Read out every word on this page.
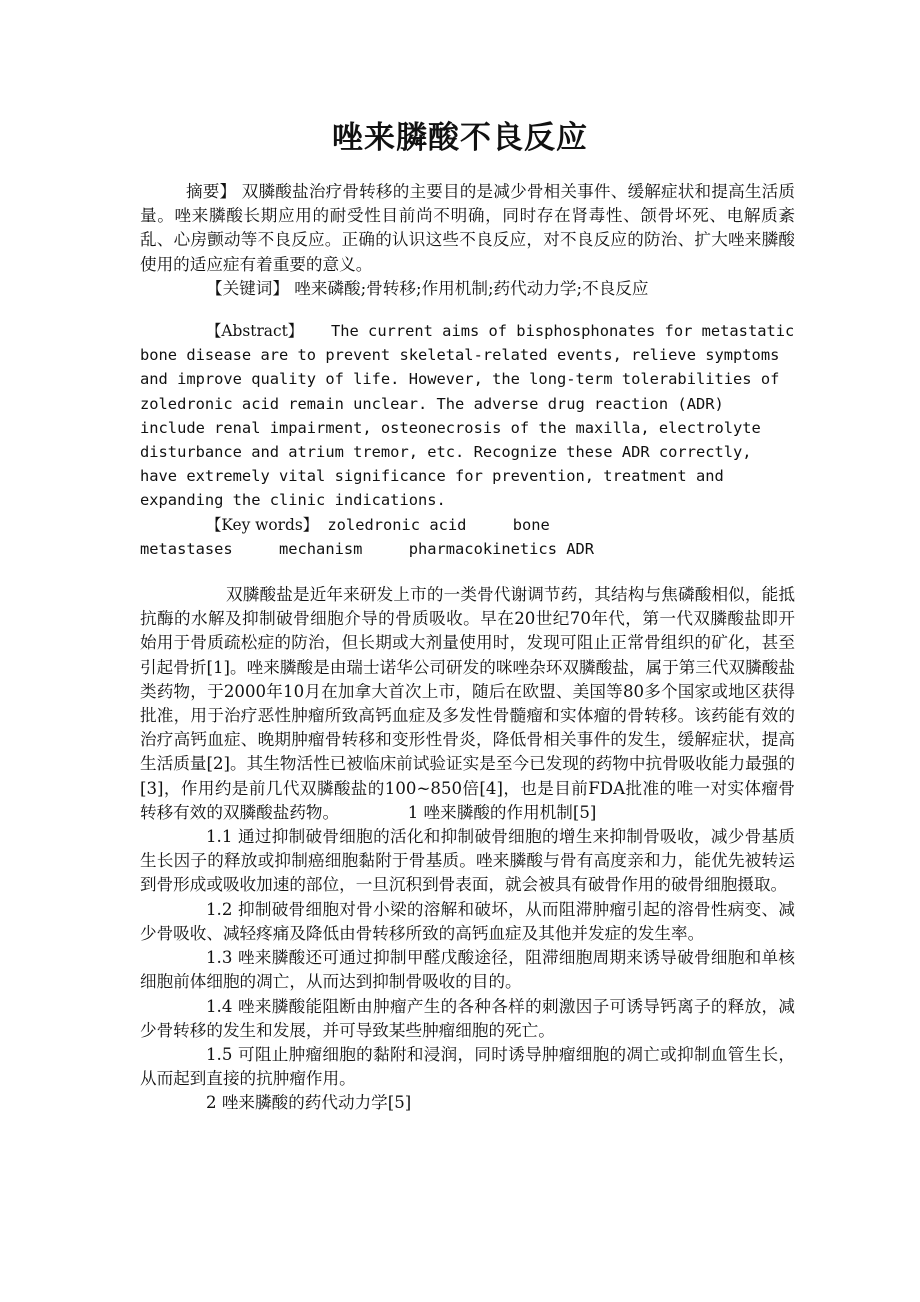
唑来膦酸不良反应

摘要】 双膦酸盐治疗骨转移的主要目的是减少骨相关事件、缓解症状和提高生活质量。唑来膦酸长期应用的耐受性目前尚不明确，同时存在肾毒性、颌骨坏死、电解质紊乱、心房颤动等不良反应。正确的认识这些不良反应，对不良反应的防治、扩大唑来膦酸使用的适应症有着重要的意义。

【关键词】 唑来磷酸;骨转移;作用机制;药代动力学;不良反应

【Abstract】 The current aims of bisphosphonates for metastatic bone disease are to prevent skeletal-related events, relieve symptoms and improve quality of life. However, the long-term tolerabilities of zoledronic acid remain unclear. The adverse drug reaction (ADR) include renal impairment, osteonecrosis of the maxilla, electrolyte disturbance and atrium tremor, etc. Recognize these ADR correctly, have extremely vital significance for prevention, treatment and expanding the clinic indications.

【Key words】 zoledronic acid     bone

metastases     mechanism     pharmacokinetics ADR

双膦酸盐是近年来研发上市的一类骨代谢调节药，其结构与焦磷酸相似，能抵抗酶的水解及抑制破骨细胞介导的骨质吸收。早在20世纪70年代，第一代双膦酸盐即开始用于骨质疏松症的防治，但长期或大剂量使用时，发现可阻止正常骨组织的矿化，甚至引起骨折[1]。唑来膦酸是由瑞士诺华公司研发的咪唑杂环双膦酸盐，属于第三代双膦酸盐类药物，于2000年10月在加拿大首次上市，随后在欧盟、美国等80多个国家或地区获得批准，用于治疗恶性肿瘤所致高钙血症及多发性骨髓瘤和实体瘤的骨转移。该药能有效的治疗高钙血症、晚期肿瘤骨转移和变形性骨炎，降低骨相关事件的发生，缓解症状，提高生活质量[2]。其生物活性已被临床前试验证实是至今已发现的药物中抗骨吸收能力最强的[3]，作用约是前几代双膦酸盐的100~850倍[4]，也是目前FDA批准的唯一对实体瘤骨转移有效的双膦酸盐药物。	1 唑来膦酸的作用机制[5]

1.1 通过抑制破骨细胞的活化和抑制破骨细胞的增生来抑制骨吸收，减少骨基质生长因子的释放或抑制癌细胞黏附于骨基质。唑来膦酸与骨有高度亲和力，能优先被转运到骨形成或吸收加速的部位，一旦沉积到骨表面，就会被具有破骨作用的破骨细胞摄取。

1.2 抑制破骨细胞对骨小梁的溶解和破坏，从而阻滞肿瘤引起的溶骨性病变、减少骨吸收、减轻疼痛及降低由骨转移所致的高钙血症及其他并发症的发生率。

1.3 唑来膦酸还可通过抑制甲醛戊酸途径，阻滞细胞周期来诱导破骨细胞和单核细胞前体细胞的凋亡，从而达到抑制骨吸收的目的。

1.4 唑来膦酸能阻断由肿瘤产生的各种各样的刺激因子可诱导钙离子的释放，减少骨转移的发生和发展，并可导致某些肿瘤细胞的死亡。

1.5 可阻止肿瘤细胞的黏附和浸润，同时诱导肿瘤细胞的凋亡或抑制血管生长，从而起到直接的抗肿瘤作用。

2 唑来膦酸的药代动力学[5]
